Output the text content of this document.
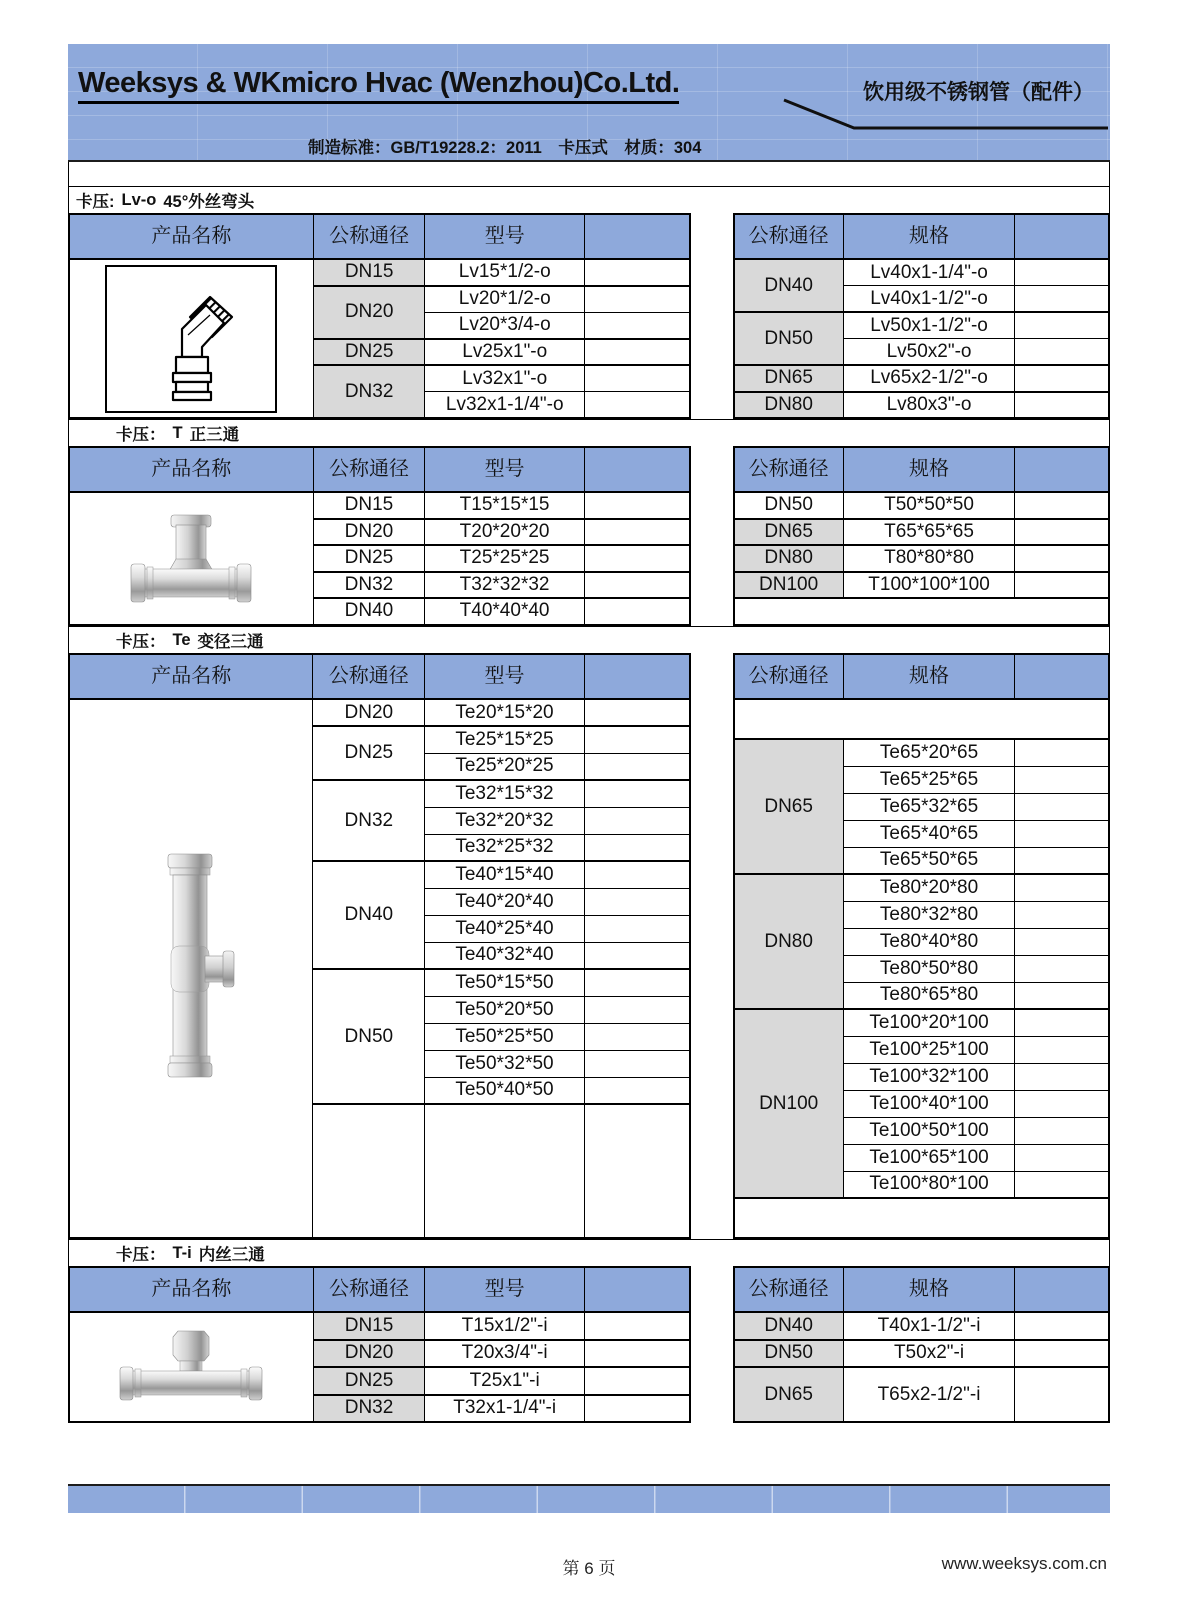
Weeksys & WKmicro Hvac (Wenzhou)Co.Ltd.	饮用级不锈钢管（配件）
制造标准：GB/T19228.2：2011　卡压式　材质：304
卡压: Lv-o 45°外丝弯头
产品名称	公称通径	型号	

	DN15	Lv15*1/2-o	
	DN20	Lv20*1/2-o	
		Lv20*3/4-o	
	DN25	Lv25x1"-o	
	DN32	Lv32x1"-o	
		Lv32x1-1/4"-o	
公称通径	规格	
DN40	Lv40x1-1/4"-o	
	Lv40x1-1/2"-o	
DN50	Lv50x1-1/2"-o	
	Lv50x2"-o	
DN65	Lv65x2-1/2"-o	
DN80	Lv80x3"-o	
卡压： T 正三通
产品名称	公称通径	型号	

	DN15	T15*15*15	
	DN20	T20*20*20	
	DN25	T25*25*25	
	DN32	T32*32*32	
	DN40	T40*40*40	
公称通径	规格	
DN50	T50*50*50	
DN65	T65*65*65	
DN80	T80*80*80	
DN100	T100*100*100	

卡压： Te 变径三通
产品名称	公称通径	型号	

	DN20	Te20*15*20	
	DN25	Te25*15*25	
		Te25*20*25	
	DN32	Te32*15*32	
		Te32*20*32	
		Te32*25*32	
	DN40	Te40*15*40	
		Te40*20*40	
		Te40*25*40	
		Te40*32*40	
	DN50	Te50*15*50	
		Te50*20*50	
		Te50*25*50	
		Te50*32*50	
		Te50*40*50	

公称通径	规格	

DN65	Te65*20*65	
	Te65*25*65	
	Te65*32*65	
	Te65*40*65	
	Te65*50*65	
DN80	Te80*20*80	
	Te80*32*80	
	Te80*40*80	
	Te80*50*80	
	Te80*65*80	
DN100	Te100*20*100	
	Te100*25*100	
	Te100*32*100	
	Te100*40*100	
	Te100*50*100	
	Te100*65*100	
	Te100*80*100	

卡压： T-i 内丝三通
产品名称	公称通径	型号	

	DN15	T15x1/2"-i	
	DN20	T20x3/4"-i	
	DN25	T25x1"-i	
	DN32	T32x1-1/4"-i	
公称通径	规格	
DN40	T40x1-1/2"-i	
DN50	T50x2"-i	
DN65	T65x2-1/2"-i	
第 6 页	www.weeksys.com.cn
